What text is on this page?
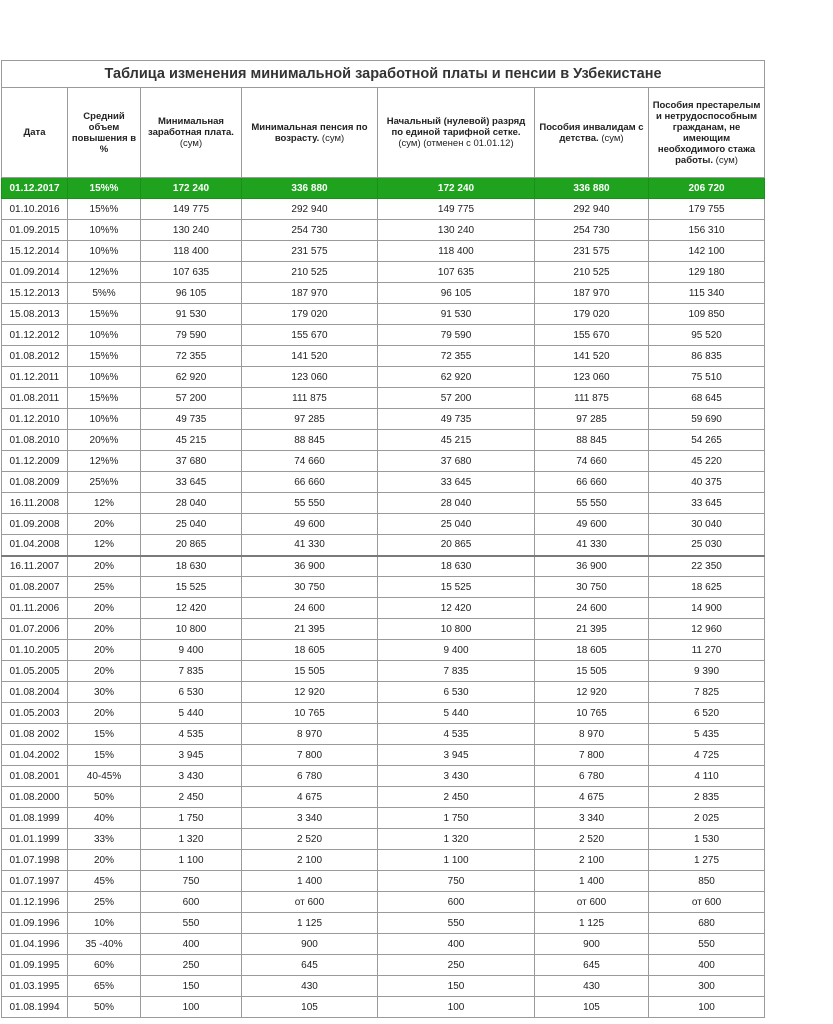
Таблица изменения минимальной заработной платы и пенсии в Узбекистане						
Дата	Средний объем повышения в %	Минимальная заработная плата.(сум)	Минимальная пенсия по возрасту. (сум)	Начальный (нулевой) разряд по единой тарифной сетке. (сум) (отменен с 01.01.12)	Пособия инвалидам с детства. (сум)	Пособия престарелым и нетрудоспособным гражданам, не имеющим необходимого стажа работы. (сум)
01.12.2017	15%%	172 240	336 880	172 240	336 880	206 720
01.10.2016	15%%	149 775	292 940	149 775	292 940	179 755
01.09.2015	10%%	130 240	254 730	130 240	254 730	156 310
15.12.2014	10%%	118 400	231 575	118 400	231 575	142 100
01.09.2014	12%%	107 635	210 525	107 635	210 525	129 180
15.12.2013	5%%	96 105	187 970	96 105	187 970	115 340
15.08.2013	15%%	91 530	179 020	91 530	179 020	109 850
01.12.2012	10%%	79 590	155 670	79 590	155 670	95 520
01.08.2012	15%%	72 355	141 520	72 355	141 520	86 835
01.12.2011	10%%	62 920	123 060	62 920	123 060	75 510
01.08.2011	15%%	57 200	111 875	57 200	111 875	68 645
01.12.2010	10%%	49 735	97 285	49 735	97 285	59 690
01.08.2010	20%%	45 215	88 845	45 215	88 845	54 265
01.12.2009	12%%	37 680	74 660	37 680	74 660	45 220
01.08.2009	25%%	33 645	66 660	33 645	66 660	40 375
16.11.2008	12%	28 040	55 550	28 040	55 550	33 645
01.09.2008	20%	25 040	49 600	25 040	49 600	30 040
01.04.2008	12%	20 865	41 330	20 865	41 330	25 030
16.11.2007	20%	18 630	36 900	18 630	36 900	22 350
01.08.2007	25%	15 525	30 750	15 525	30 750	18 625
01.11.2006	20%	12 420	24 600	12 420	24 600	14 900
01.07.2006	20%	10 800	21 395	10 800	21 395	12 960
01.10.2005	20%	9 400	18 605	9 400	18 605	11 270
01.05.2005	20%	7 835	15 505	7 835	15 505	9 390
01.08.2004	30%	6 530	12 920	6 530	12 920	7 825
01.05.2003	20%	5 440	10 765	5 440	10 765	6 520
01.08 2002	15%	4 535	8 970	4 535	8 970	5 435
01.04.2002	15%	3 945	7 800	3 945	7 800	4 725
01.08.2001	40-45%	3 430	6 780	3 430	6 780	4 110
01.08.2000	50%	2 450	4 675	2 450	4 675	2 835
01.08.1999	40%	1 750	3 340	1 750	3 340	2 025
01.01.1999	33%	1 320	2 520	1 320	2 520	1 530
01.07.1998	20%	1 100	2 100	1 100	2 100	1 275
01.07.1997	45%	750	1 400	750	1 400	850
01.12.1996	25%	600	от 600	600	от 600	от 600
01.09.1996	10%	550	1 125	550	1 125	680
01.04.1996	35 -40%	400	900	400	900	550
01.09.1995	60%	250	645	250	645	400
01.03.1995	65%	150	430	150	430	300
01.08.1994	50%	100	105	100	105	100
